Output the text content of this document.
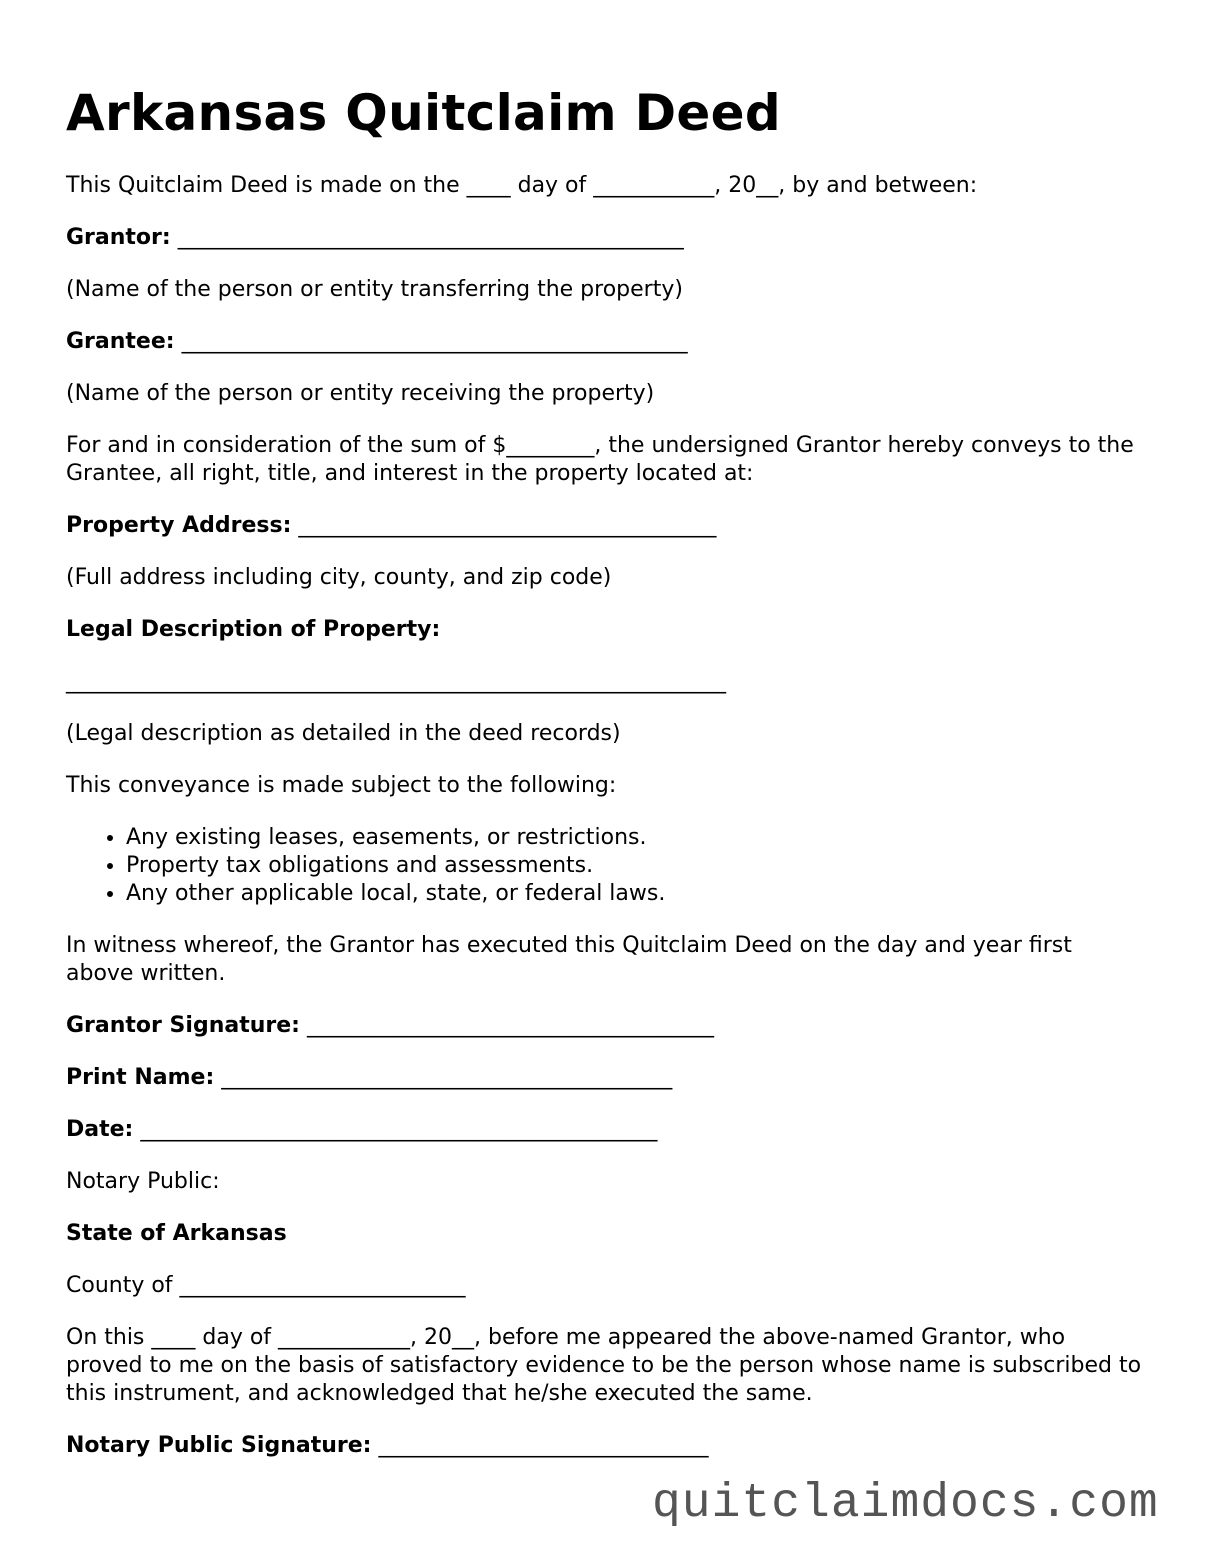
Arkansas Quitclaim Deed

This Quitclaim Deed is made on the ____ day of ___________, 20__, by and between:

Grantor: ______________________________________________

(Name of the person or entity transferring the property)

Grantee: ______________________________________________

(Name of the person or entity receiving the property)

For and in consideration of the sum of $________, the undersigned Grantor hereby conveys to the Grantee, all right, title, and interest in the property located at:

Property Address: ______________________________________

(Full address including city, county, and zip code)

Legal Description of Property:

____________________________________________________________

(Legal description as detailed in the deed records)

This conveyance is made subject to the following:

• Any existing leases, easements, or restrictions.
• Property tax obligations and assessments.
• Any other applicable local, state, or federal laws.

In witness whereof, the Grantor has executed this Quitclaim Deed on the day and year first above written.

Grantor Signature: _____________________________________

Print Name: _________________________________________

Date: _______________________________________________

Notary Public:

State of Arkansas

County of __________________________

On this ____ day of ____________, 20__, before me appeared the above-named Grantor, who proved to me on the basis of satisfactory evidence to be the person whose name is subscribed to this instrument, and acknowledged that he/she executed the same.

Notary Public Signature: ______________________________

quitclaimdocs.com
